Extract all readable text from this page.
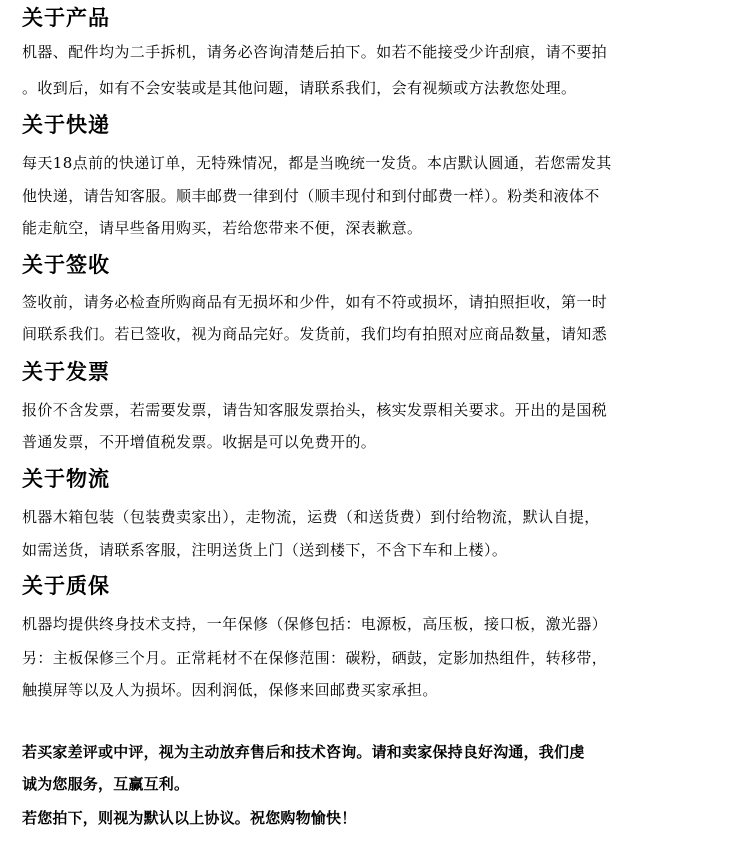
关于产品
机器、配件均为二手拆机，请务必咨询清楚后拍下。如若不能接受少许刮痕，请不要拍
。收到后，如有不会安装或是其他问题，请联系我们，会有视频或方法教您处理。
关于快递
每天18点前的快递订单，无特殊情况，都是当晚统一发货。本店默认圆通，若您需发其
他快递，请告知客服。顺丰邮费一律到付（顺丰现付和到付邮费一样）。粉类和液体不
能走航空，请早些备用购买，若给您带来不便，深表歉意。
关于签收
签收前，请务必检查所购商品有无损坏和少件，如有不符或损坏，请拍照拒收，第一时
间联系我们。若已签收，视为商品完好。发货前，我们均有拍照对应商品数量，请知悉
关于发票
报价不含发票，若需要发票，请告知客服发票抬头，核实发票相关要求。开出的是国税
普通发票，不开增值税发票。收据是可以免费开的。
关于物流
机器木箱包装（包装费卖家出），走物流，运费（和送货费）到付给物流，默认自提，
如需送货，请联系客服，注明送货上门（送到楼下，不含下车和上楼）。
关于质保
机器均提供终身技术支持，一年保修（保修包括：电源板，高压板，接口板，激光器）
另：主板保修三个月。正常耗材不在保修范围：碳粉，硒鼓，定影加热组件，转移带，
触摸屏等以及人为损坏。因利润低，保修来回邮费买家承担。
若买家差评或中评，视为主动放弃售后和技术咨询。请和卖家保持良好沟通，我们虔
诚为您服务，互赢互利。
若您拍下，则视为默认以上协议。祝您购物愉快！
